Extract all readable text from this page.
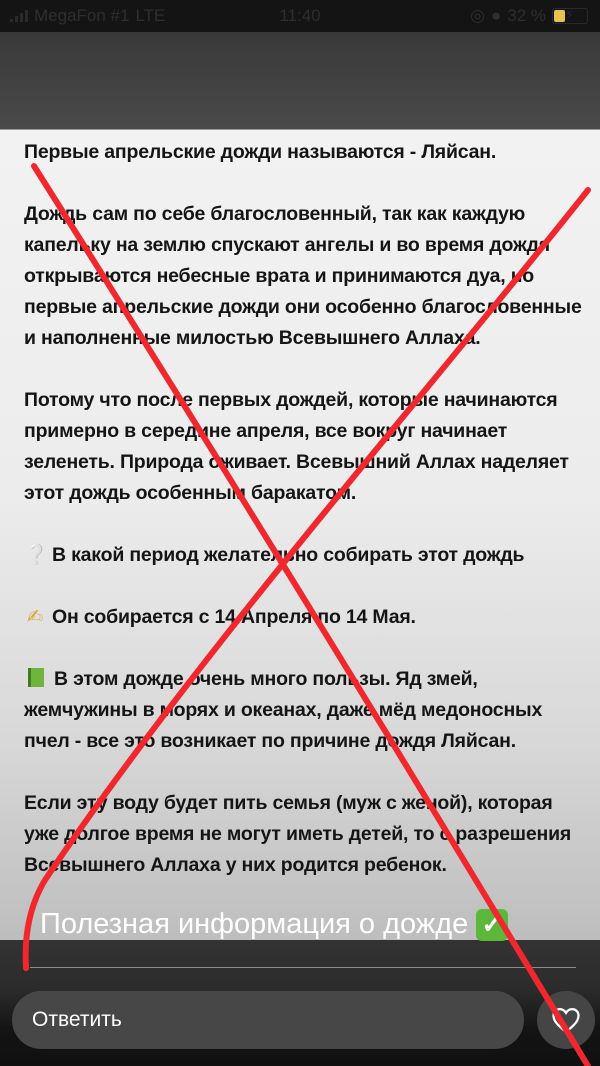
MegaFon #1 LTE	11:40	◎ ● 32 % ⚡

Первые апрельские дожди называются - Ляйсан.

Дождь сам по себе благословенный, так как каждую капельку на землю спускают ангелы и во время дождя открываются небесные врата и принимаются дуа, но первые апрельские дожди они особенно благословенные и наполненные милостью Всевышнего Аллаха.

Потому что после первых дождей, которые начинаются примерно в середине апреля, все вокруг начинает зеленеть. Природа оживает. Всевышний Аллах наделяет этот дождь особенным баракатом.

❔ В какой период желательно собирать этот дождь

✍ Он собирается с 14 Апреля по 14 Мая.

В этом дожде очень много пользы. Яд змей, жемчужины в морях и океанах, даже мёд медоносных пчел - все это возникает по причине дождя Ляйсан.

Если эту воду будет пить семья (муж с женой), которая уже долгое время не могут иметь детей, то с разрешения Всевышнего Аллаха у них родится ребенок.

Полезная информация о дожде ✓
Ответить
